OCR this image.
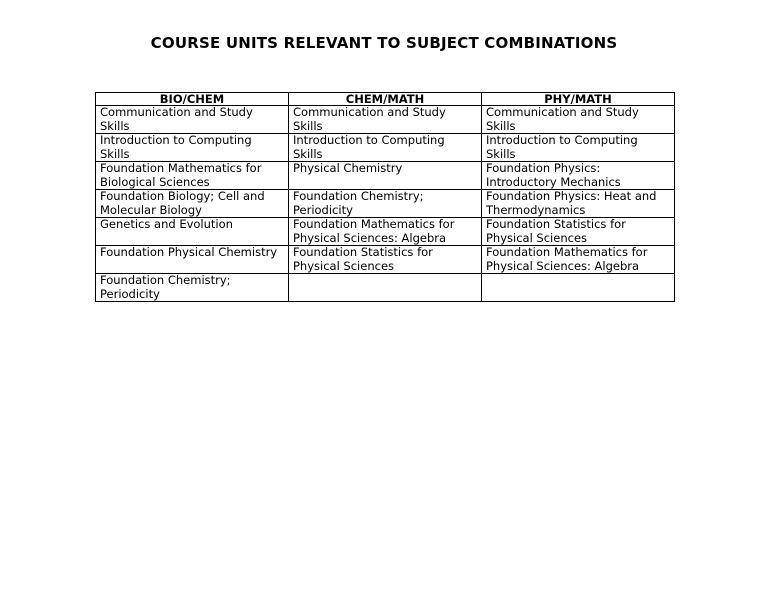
COURSE UNITS RELEVANT TO SUBJECT COMBINATIONS
BIO/CHEM	CHEM/MATH	PHY/MATH
Communication and Study Skills	Communication and Study Skills	Communication and Study Skills
Introduction to Computing Skills	Introduction to Computing Skills	Introduction to Computing Skills
Foundation Mathematics for Biological Sciences	Physical Chemistry	Foundation Physics: Introductory Mechanics
Foundation Biology; Cell and Molecular Biology	Foundation Chemistry; Periodicity	Foundation Physics: Heat and Thermodynamics
Genetics and Evolution	Foundation Mathematics for Physical Sciences: Algebra	Foundation Statistics for Physical Sciences
Foundation Physical Chemistry	Foundation Statistics for Physical Sciences	Foundation Mathematics for Physical Sciences: Algebra
Foundation Chemistry; Periodicity		
